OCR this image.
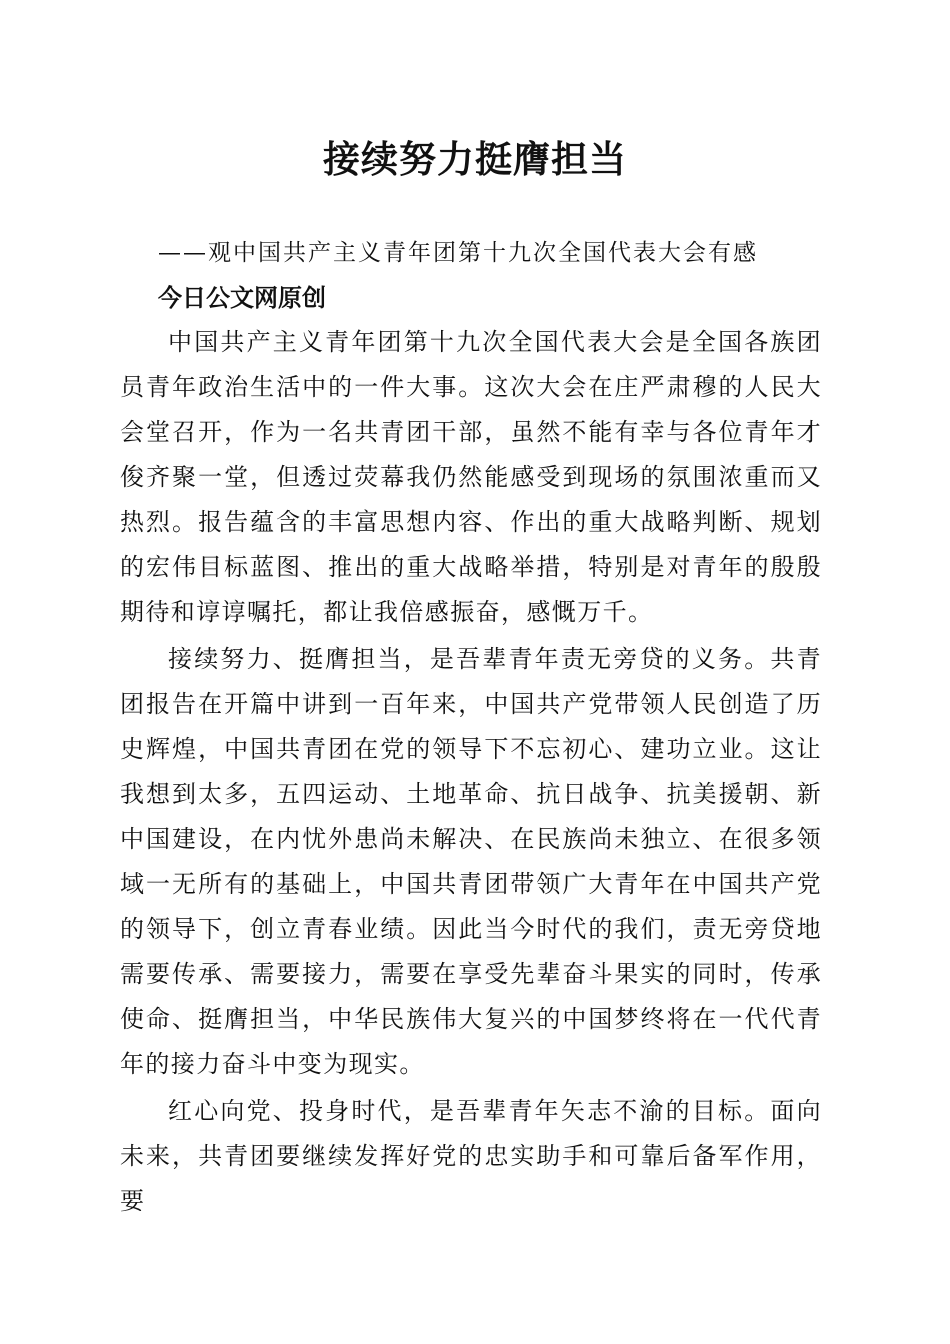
接续努力挺膺担当
——观中国共产主义青年团第十九次全国代表大会有感
今日公文网原创

中国共产主义青年团第十九次全国代表大会是全国各族团员青年政治生活中的一件大事。这次大会在庄严肃穆的人民大会堂召开，作为一名共青团干部，虽然不能有幸与各位青年才俊齐聚一堂，但透过荧幕我仍然能感受到现场的氛围浓重而又热烈。报告蕴含的丰富思想内容、作出的重大战略判断、规划的宏伟目标蓝图、推出的重大战略举措，特别是对青年的殷殷期待和谆谆嘱托，都让我倍感振奋，感慨万千。

接续努力、挺膺担当，是吾辈青年责无旁贷的义务。共青团报告在开篇中讲到一百年来，中国共产党带领人民创造了历史辉煌，中国共青团在党的领导下不忘初心、建功立业。这让我想到太多，五四运动、土地革命、抗日战争、抗美援朝、新中国建设，在内忧外患尚未解决、在民族尚未独立、在很多领域一无所有的基础上，中国共青团带领广大青年在中国共产党的领导下，创立青春业绩。因此当今时代的我们，责无旁贷地需要传承、需要接力，需要在享受先辈奋斗果实的同时，传承使命、挺膺担当，中华民族伟大复兴的中国梦终将在一代代青年的接力奋斗中变为现实。

红心向党、投身时代，是吾辈青年矢志不渝的目标。面向未来，共青团要继续发挥好党的忠实助手和可靠后备军作用，要
